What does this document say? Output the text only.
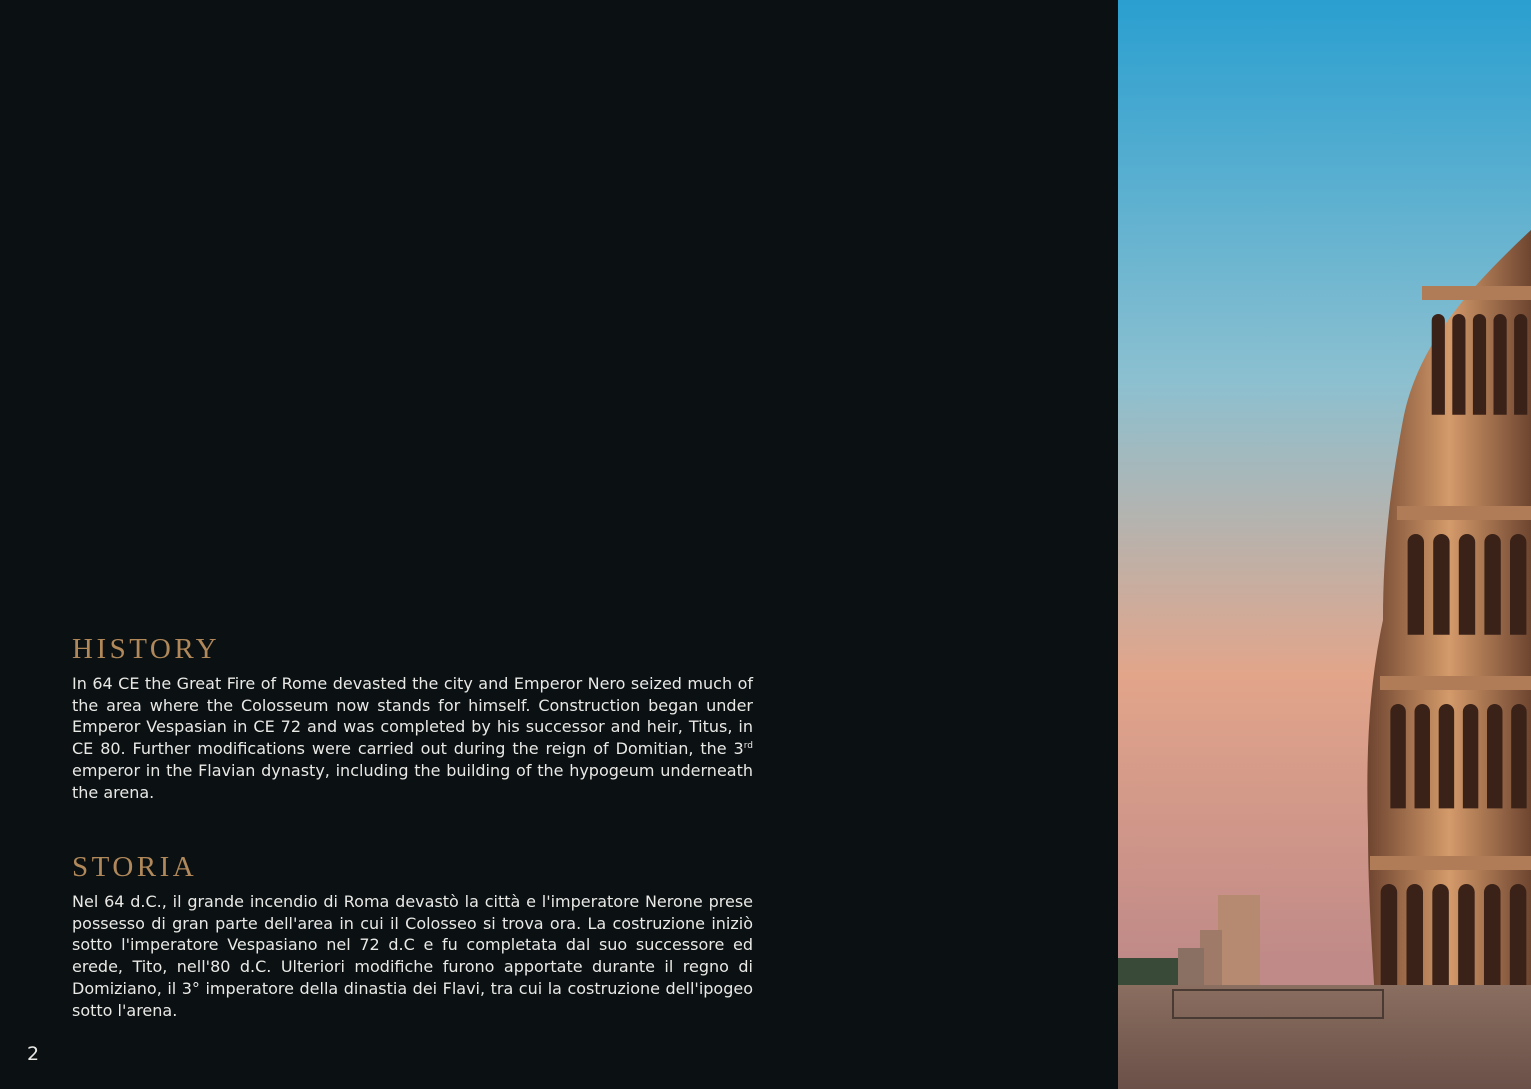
HISTORY

In 64 CE the Great Fire of Rome devasted the city and Emperor Nero seized much of the area where the Colosseum now stands for himself. Construction began under Emperor Vespasian in CE 72 and was completed by his successor and heir, Titus, in CE 80. Further modifications were carried out during the reign of Domitian, the 3rd emperor in the Flavian dynasty, including the building of the hypogeum underneath the arena.

STORIA

Nel 64 d.C., il grande incendio di Roma devastò la città e l'imperatore Nerone prese possesso di gran parte dell'area in cui il Colosseo si trova ora. La costruzione iniziò sotto l'imperatore Vespasiano nel 72 d.C e fu completata dal suo successore ed erede, Tito, nell'80 d.C. Ulteriori modifiche furono apportate durante il regno di Domiziano, il 3° imperatore della dinastia dei Flavi, tra cui la costruzione dell'ipogeo sotto l'arena.

2
